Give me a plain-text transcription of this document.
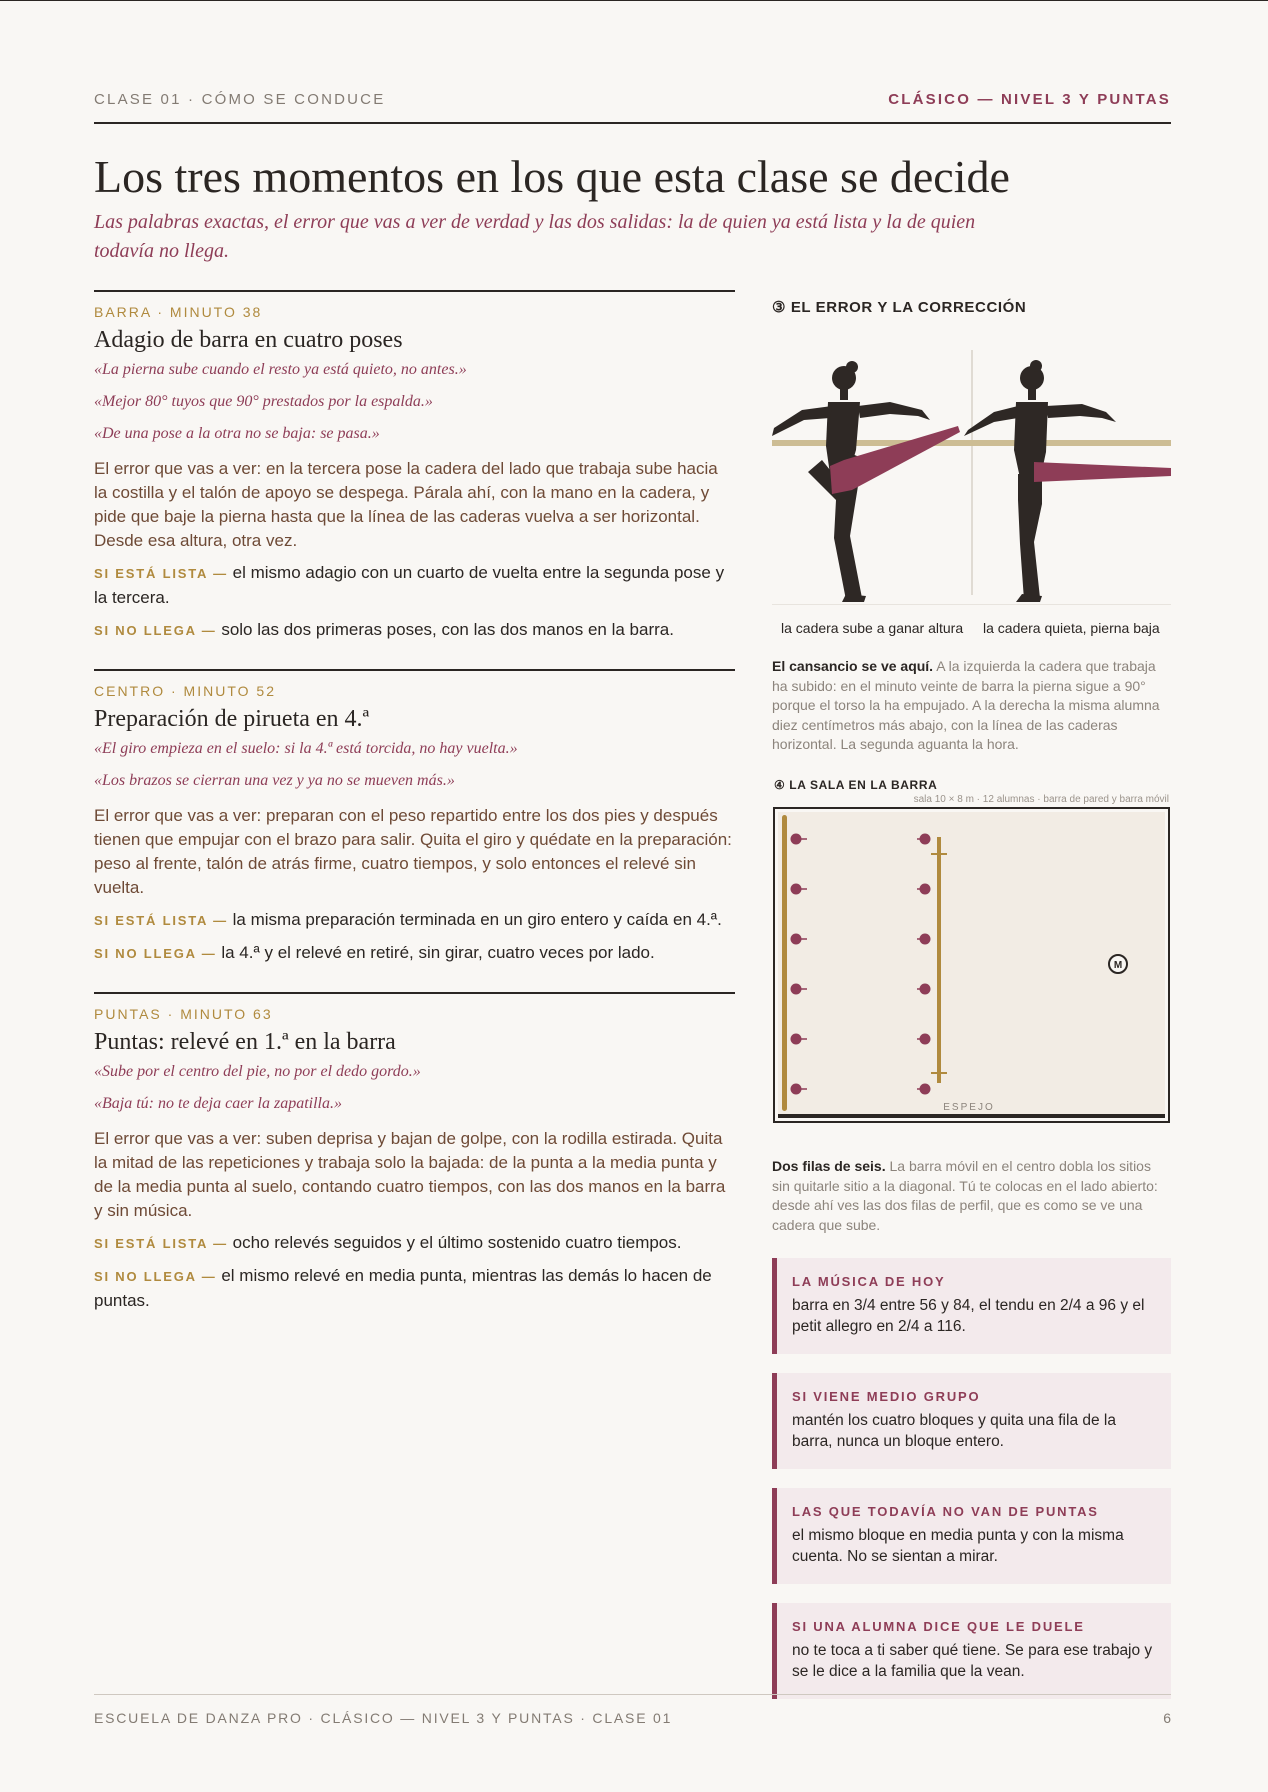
CLASE 01 · CÓMO SE CONDUCE	CLÁSICO — NIVEL 3 Y PUNTAS
Los tres momentos en los que esta clase se decide
Las palabras exactas, el error que vas a ver de verdad y las dos salidas: la de quien ya está lista y la de quien todavía no llega.

BARRA · MINUTO 38

Adagio de barra en cuatro poses

«La pierna sube cuando el resto ya está quieto, no antes.»

«Mejor 80° tuyos que 90° prestados por la espalda.»

«De una pose a la otra no se baja: se pasa.»

El error que vas a ver: en la tercera pose la cadera del lado que trabaja sube hacia la costilla y el talón de apoyo se despega. Páralа ahí, con la mano en la cadera, y pide que baje la pierna hasta que la línea de las caderas vuelva a ser horizontal. Desde esa altura, otra vez.

SI ESTÁ LISTA — el mismo adagio con un cuarto de vuelta entre la segunda pose y la tercera.

SI NO LLEGA — solo las dos primeras poses, con las dos manos en la barra.

CENTRO · MINUTO 52

Preparación de pirueta en 4.ª

«El giro empieza en el suelo: si la 4.ª está torcida, no hay vuelta.»

«Los brazos se cierran una vez y ya no se mueven más.»

El error que vas a ver: preparan con el peso repartido entre los dos pies y después tienen que empujar con el brazo para salir. Quita el giro y quédate en la preparación: peso al frente, talón de atrás firme, cuatro tiempos, y solo entonces el relevé sin vuelta.

SI ESTÁ LISTA — la misma preparación terminada en un giro entero y caída en 4.ª.

SI NO LLEGA — la 4.ª y el relevé en retiré, sin girar, cuatro veces por lado.

PUNTAS · MINUTO 63

Puntas: relevé en 1.ª en la barra

«Sube por el centro del pie, no por el dedo gordo.»

«Baja tú: no te deja caer la zapatilla.»

El error que vas a ver: suben deprisa y bajan de golpe, con la rodilla estirada. Quita la mitad de las repeticiones y trabaja solo la bajada: de la punta a la media punta y de la media punta al suelo, contando cuatro tiempos, con las dos manos en la barra y sin música.

SI ESTÁ LISTA — ocho relevés seguidos y el último sostenido cuatro tiempos.

SI NO LLEGA — el mismo relevé en media punta, mientras las demás lo hacen de puntas.

③ EL ERROR Y LA CORRECCIÓN

la cadera sube a ganar altura la cadera quieta, pierna baja

El cansancio se ve aquí. A la izquierda la cadera que trabaja ha subido: en el minuto veinte de barra la pierna sigue a 90° porque el torso la ha empujado. A la derecha la misma alumna diez centímetros más abajo, con la línea de las caderas horizontal. La segunda aguanta la hora.

④ LA SALA EN LA BARRA
sala 10 × 8 m · 12 alumnas · barra de pared y barra móvil
ESPEJO
M

Dos filas de seis. La barra móvil en el centro dobla los sitios sin quitarle sitio a la diagonal. Tú te colocas en el lado abierto: desde ahí ves las dos filas de perfil, que es como se ve una cadera que sube.

LA MÚSICA DE HOY

barra en 3/4 entre 56 y 84, el tendu en 2/4 a 96 y el petit allegro en 2/4 a 116.

SI VIENE MEDIO GRUPO

mantén los cuatro bloques y quita una fila de la barra, nunca un bloque entero.

LAS QUE TODAVÍA NO VAN DE PUNTAS

el mismo bloque en media punta y con la misma cuenta. No se sientan a mirar.

SI UNA ALUMNA DICE QUE LE DUELE

no te toca a ti saber qué tiene. Se para ese trabajo y se le dice a la familia que la vean.

ESCUELA DE DANZA PRO · CLÁSICO — NIVEL 3 Y PUNTAS · CLASE 01	6
